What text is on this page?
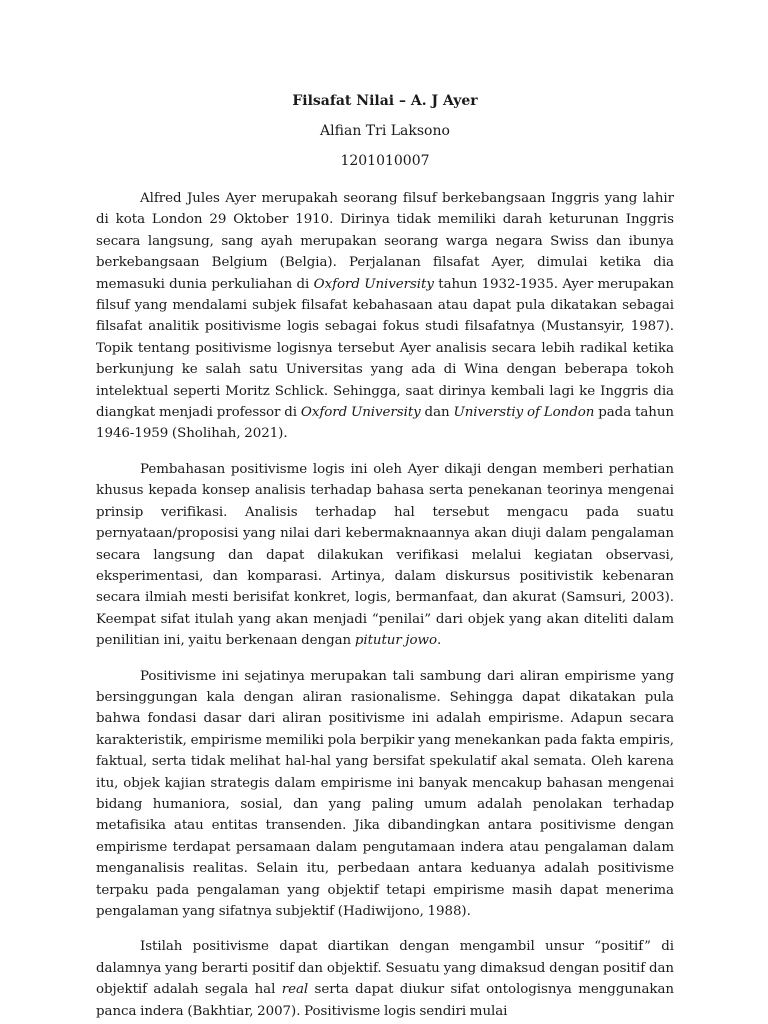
Filsafat Nilai – A. J Ayer

Alfian Tri Laksono

1201010007

Alfred Jules Ayer merupakah seorang filsuf berkebangsaan Inggris yang lahir di kota London 29 Oktober 1910. Dirinya tidak memiliki darah keturunan Inggris secara langsung, sang ayah merupakan seorang warga negara Swiss dan ibunya berkebangsaan Belgium (Belgia). Perjalanan filsafat Ayer, dimulai ketika dia memasuki dunia perkuliahan di Oxford University tahun 1932-1935. Ayer merupakan filsuf yang mendalami subjek filsafat kebahasaan atau dapat pula dikatakan sebagai filsafat analitik positivisme logis sebagai fokus studi filsafatnya (Mustansyir, 1987). Topik tentang positivisme logisnya tersebut Ayer analisis secara lebih radikal ketika berkunjung ke salah satu Universitas yang ada di Wina dengan beberapa tokoh intelektual seperti Moritz Schlick. Sehingga, saat dirinya kembali lagi ke Inggris dia diangkat menjadi professor di Oxford University dan Universtiy of London pada tahun 1946-1959 (Sholihah, 2021).

Pembahasan positivisme logis ini oleh Ayer dikaji dengan memberi perhatian khusus kepada konsep analisis terhadap bahasa serta penekanan teorinya mengenai prinsip verifikasi. Analisis terhadap hal tersebut mengacu pada suatu pernyataan/proposisi yang nilai dari kebermaknaannya akan diuji dalam pengalaman secara langsung dan dapat dilakukan verifikasi melalui kegiatan observasi, eksperimentasi, dan komparasi. Artinya, dalam diskursus positivistik kebenaran secara ilmiah mesti berisifat konkret, logis, bermanfaat, dan akurat (Samsuri, 2003). Keempat sifat itulah yang akan menjadi “penilai” dari objek yang akan diteliti dalam penilitian ini, yaitu berkenaan dengan pitutur jowo.

Positivisme ini sejatinya merupakan tali sambung dari aliran empirisme yang bersinggungan kala dengan aliran rasionalisme. Sehingga dapat dikatakan pula bahwa fondasi dasar dari aliran positivisme ini adalah empirisme. Adapun secara karakteristik, empirisme memiliki pola berpikir yang menekankan pada fakta empiris, faktual, serta tidak melihat hal-hal yang bersifat spekulatif akal semata. Oleh karena itu, objek kajian strategis dalam empirisme ini banyak mencakup bahasan mengenai bidang humaniora, sosial, dan yang paling umum adalah penolakan terhadap metafisika atau entitas transenden. Jika dibandingkan antara positivisme dengan empirisme terdapat persamaan dalam pengutamaan indera atau pengalaman dalam menganalisis realitas. Selain itu, perbedaan antara keduanya adalah positivisme terpaku pada pengalaman yang objektif tetapi empirisme masih dapat menerima pengalaman yang sifatnya subjektif (Hadiwijono, 1988).

Istilah positivisme dapat diartikan dengan mengambil unsur “positif” di dalamnya yang berarti positif dan objektif. Sesuatu yang dimaksud dengan positif dan objektif adalah segala hal real serta dapat diukur sifat ontologisnya menggunakan panca indera (Bakhtiar, 2007). Positivisme logis sendiri mulai
